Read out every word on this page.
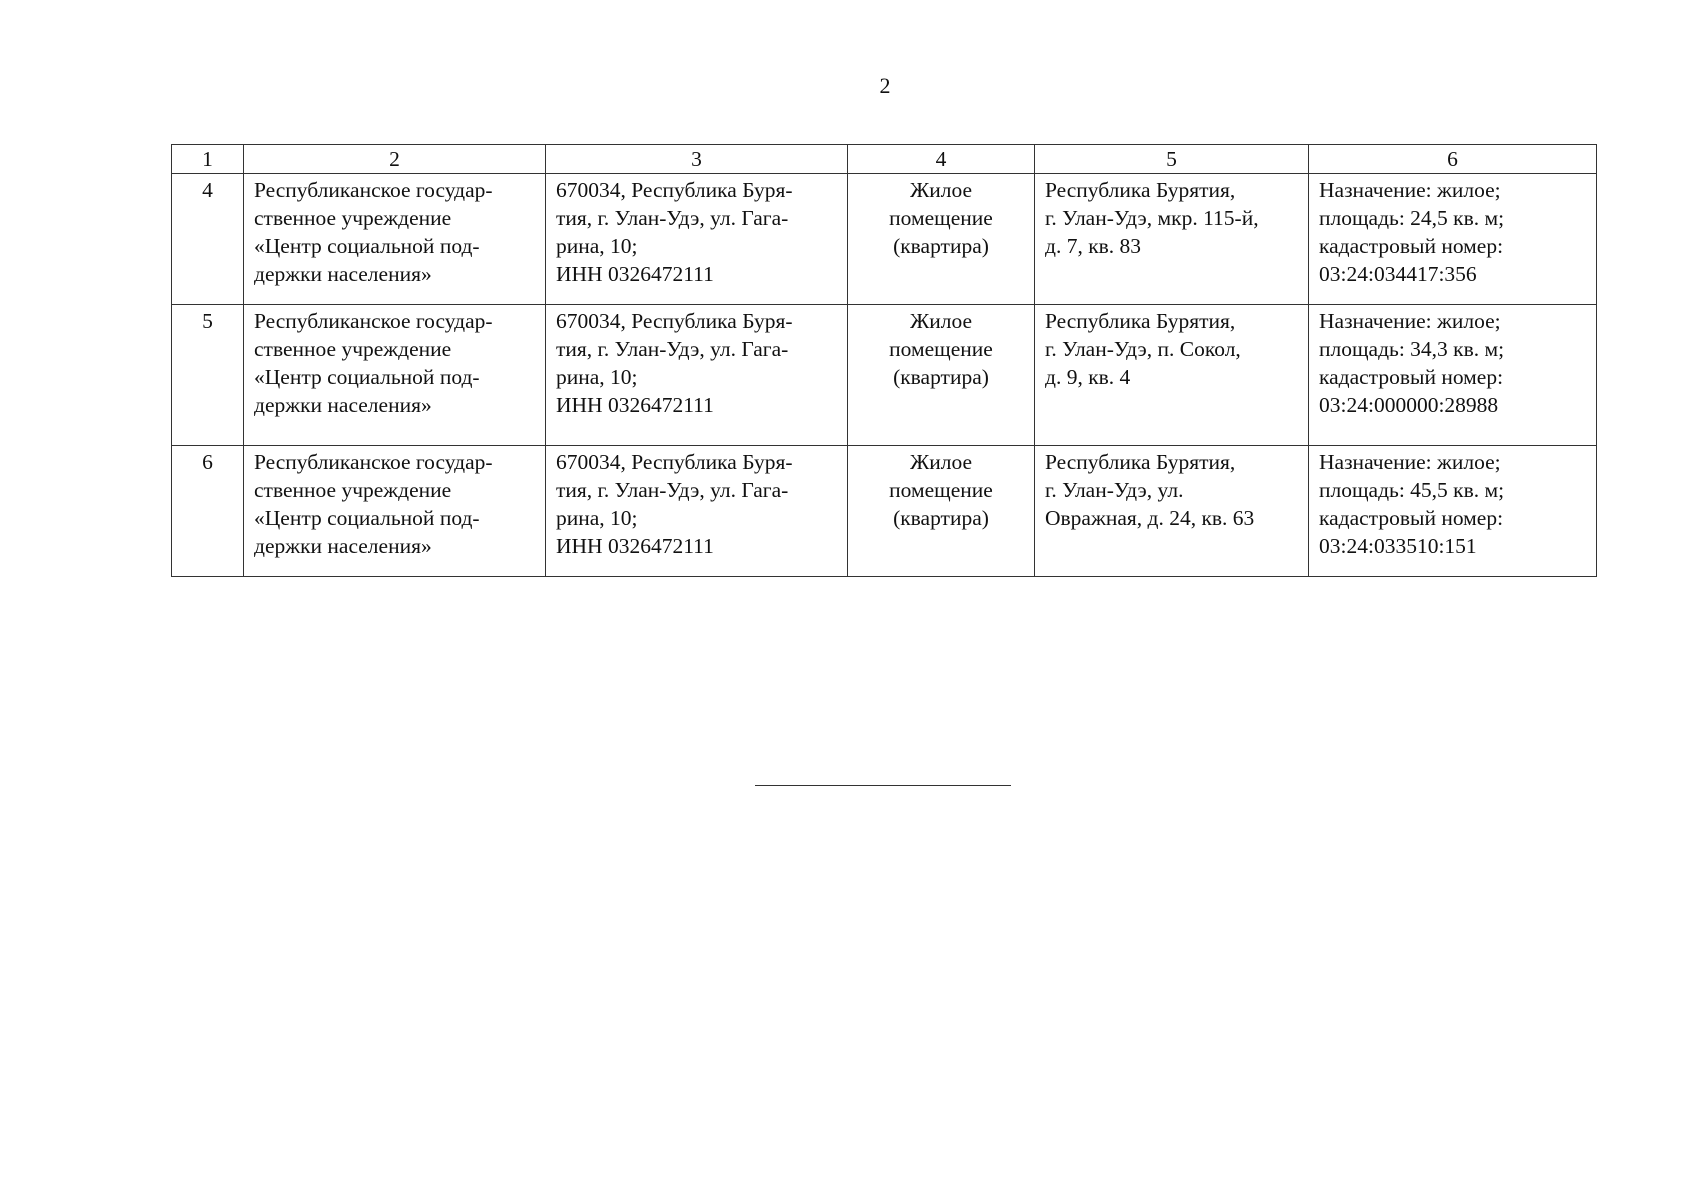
2
1	2	3	4	5	6
4	Республиканское государ-
ственное учреждение
«Центр социальной под-
держки населения»	670034, Республика Буря-
тия, г. Улан-Удэ, ул. Гага-
рина, 10;
ИНН 0326472111	Жилое
помещение
(квартира)	Республика Бурятия,
г. Улан-Удэ, мкр. 115-й,
д. 7, кв. 83	Назначение: жилое;
площадь: 24,5 кв. м;
кадастровый номер:
03:24:034417:356

5	Республиканское государ-
ственное учреждение
«Центр социальной под-
держки населения»	670034, Республика Буря-
тия, г. Улан-Удэ, ул. Гага-
рина, 10;
ИНН 0326472111	Жилое
помещение
(квартира)	Республика Бурятия,
г. Улан-Удэ, п. Сокол,
д. 9, кв. 4	Назначение: жилое;
площадь: 34,3 кв. м;
кадастровый номер:
03:24:000000:28988

6	Республиканское государ-
ственное учреждение
«Центр социальной под-
держки населения»	670034, Республика Буря-
тия, г. Улан-Удэ, ул. Гага-
рина, 10;
ИНН 0326472111	Жилое
помещение
(квартира)	Республика Бурятия,
г. Улан-Удэ, ул.
Овражная, д. 24, кв. 63	Назначение: жилое;
площадь: 45,5 кв. м;
кадастровый номер:
03:24:033510:151
